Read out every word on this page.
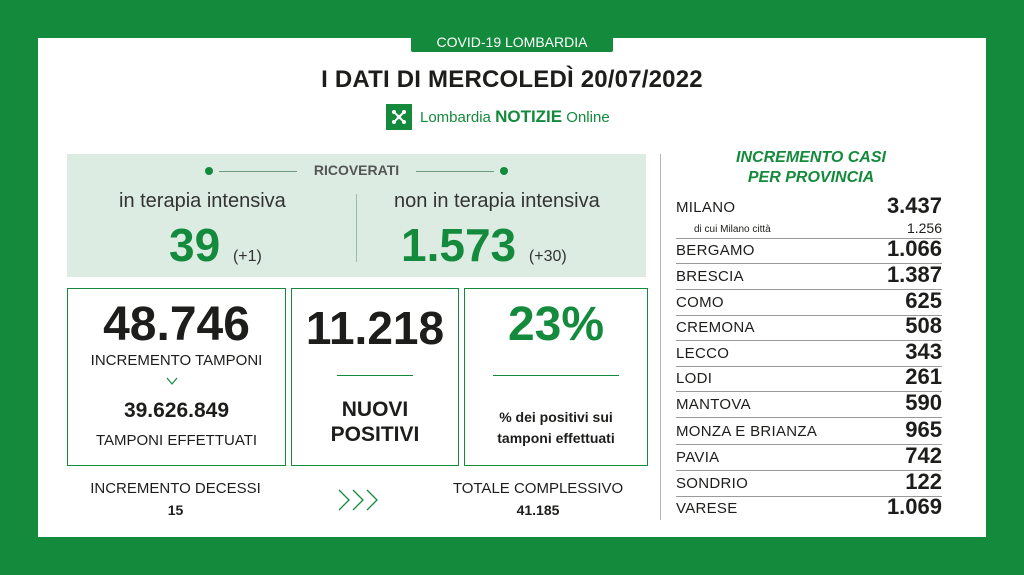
COVID-19 LOMBARDIA
I DATI DI MERCOLEDÌ 20/07/2022
Lombardia NOTIZIE Online
RICOVERATI
in terapia intensiva
39 (+1)
non in terapia intensiva
1.573 (+30)
48.746
INCREMENTO TAMPONI
39.626.849
TAMPONI EFFETTUATI
11.218
NUOVI
POSITIVI
23%
% dei positivi sui
tamponi effettuati
INCREMENTO DECESSI
15
TOTALE COMPLESSIVO
41.185
INCREMENTO CASI
PER PROVINCIA
MILANO	3.437
di cui Milano città	1.256
BERGAMO	1.066
BRESCIA	1.387
COMO	625
CREMONA	508
LECCO	343
LODI	261
MANTOVA	590
MONZA E BRIANZA	965
PAVIA	742
SONDRIO	122
VARESE	1.069
